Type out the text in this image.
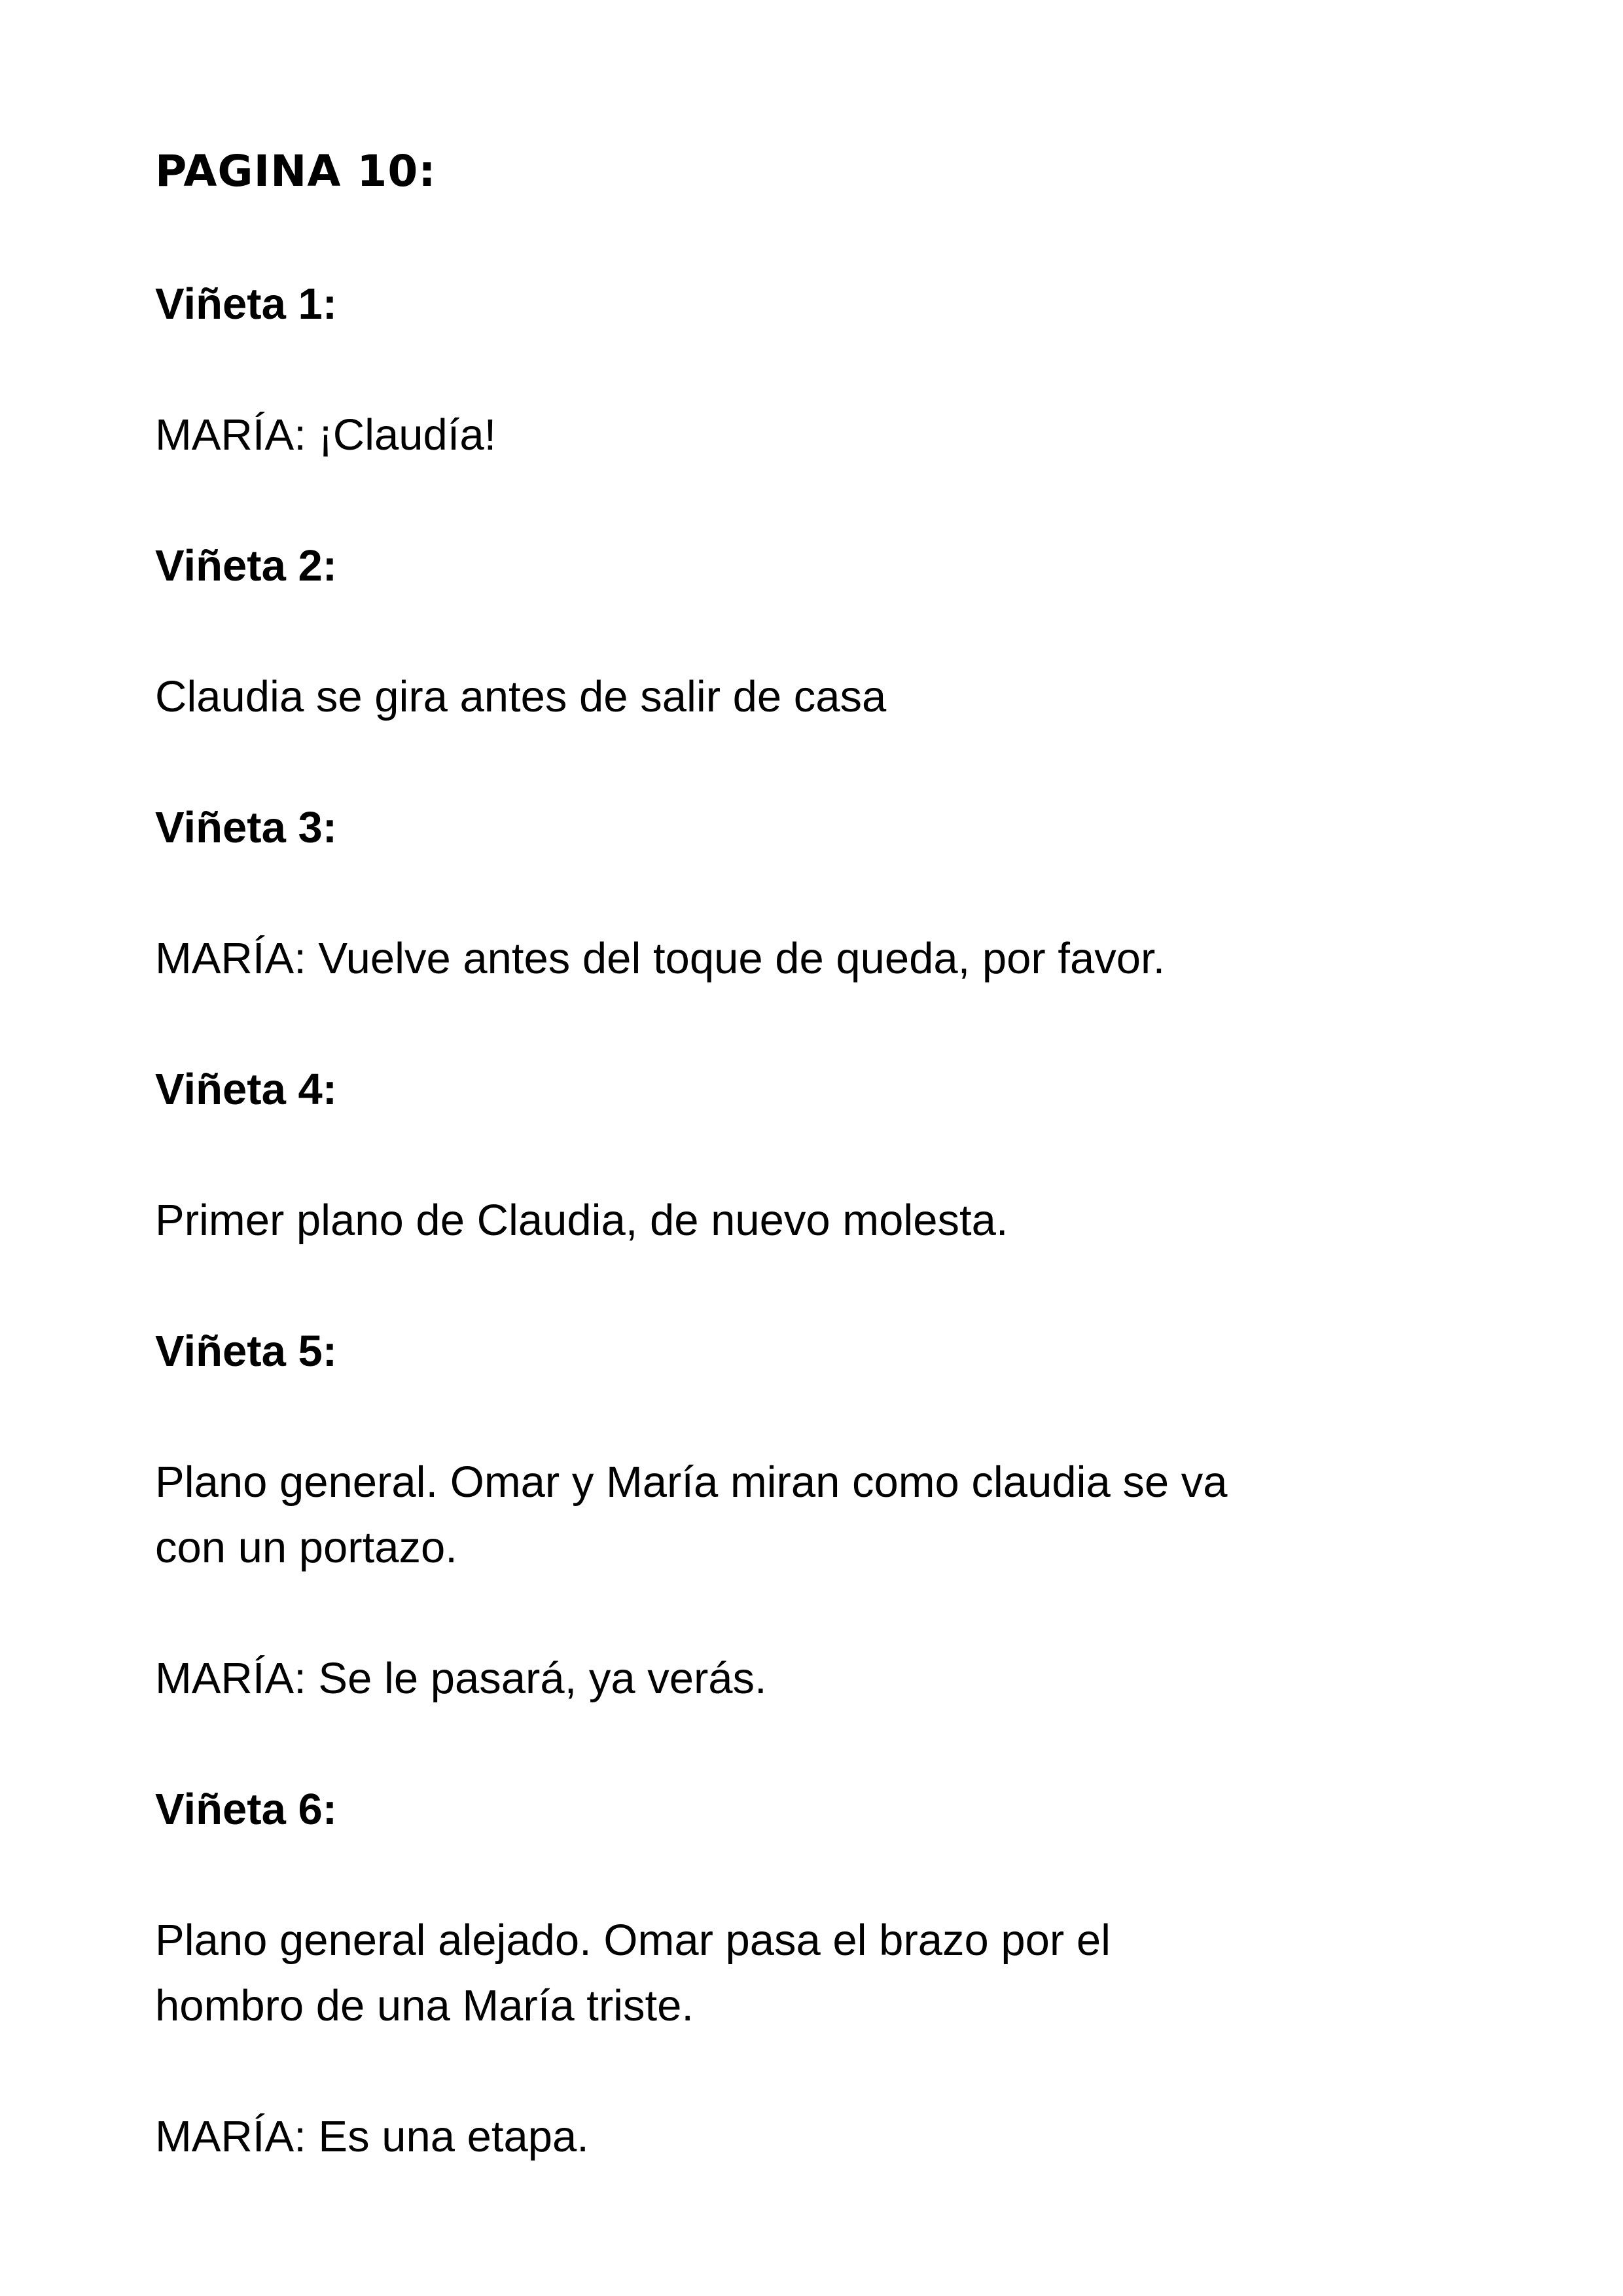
PAGINA 10:

Viñeta 1:

MARÍA: ¡Claudía!

Viñeta 2:

Claudia se gira antes de salir de casa

Viñeta 3:

MARÍA: Vuelve antes del toque de queda, por favor.

Viñeta 4:

Primer plano de Claudia, de nuevo molesta.

Viñeta 5:

Plano general. Omar y María miran como claudia se va

con un portazo.

MARÍA: Se le pasará, ya verás.

Viñeta 6:

Plano general alejado. Omar pasa el brazo por el

hombro de una María triste.

MARÍA: Es una etapa.
